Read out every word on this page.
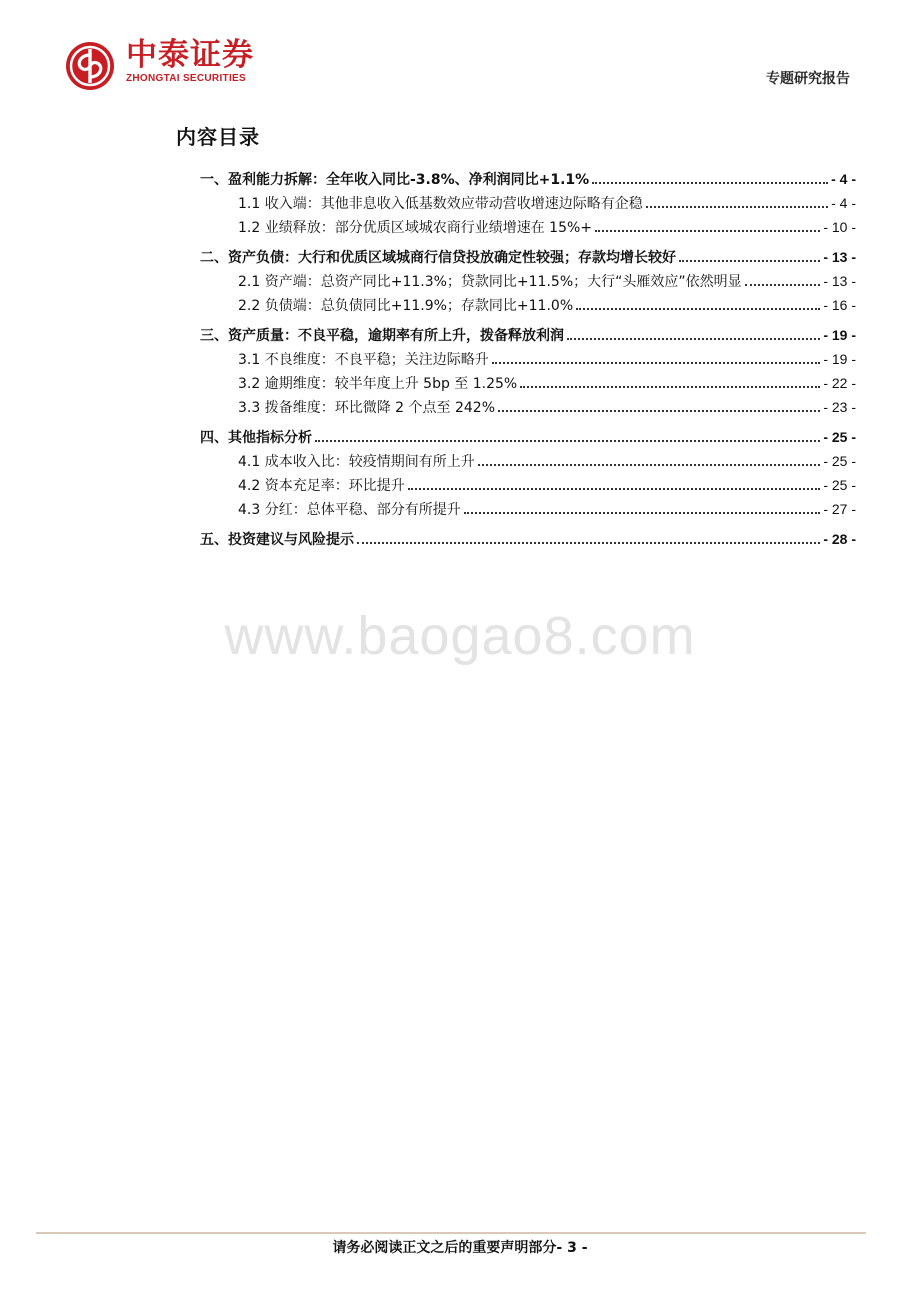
中泰证券
ZHONGTAI SECURITIES	专题研究报告
内容目录
一、盈利能力拆解：全年收入同比-3.8%、净利润同比+1.1%	- 4 -
1.1 收入端：其他非息收入低基数效应带动营收增速边际略有企稳	- 4 -
1.2 业绩释放：部分优质区域城农商行业绩增速在 15%+	- 10 -
二、资产负债：大行和优质区域城商行信贷投放确定性较强；存款均增长较好	- 13 -
2.1 资产端：总资产同比+11.3%；贷款同比+11.5%；大行“头雁效应”依然明显	- 13 -
2.2 负债端：总负债同比+11.9%；存款同比+11.0%	- 16 -
三、资产质量：不良平稳，逾期率有所上升，拨备释放利润	- 19 -
3.1 不良维度：不良平稳；关注边际略升	- 19 -
3.2 逾期维度：较半年度上升 5bp 至 1.25%	- 22 -
3.3 拨备维度：环比微降 2 个点至 242%	- 23 -
四、其他指标分析	- 25 -
4.1 成本收入比：较疫情期间有所上升	- 25 -
4.2 资本充足率：环比提升	- 25 -
4.3 分红：总体平稳、部分有所提升	- 27 -
五、投资建议与风险提示	- 28 -
www.baogao8.com
请务必阅读正文之后的重要声明部分- 3 -
